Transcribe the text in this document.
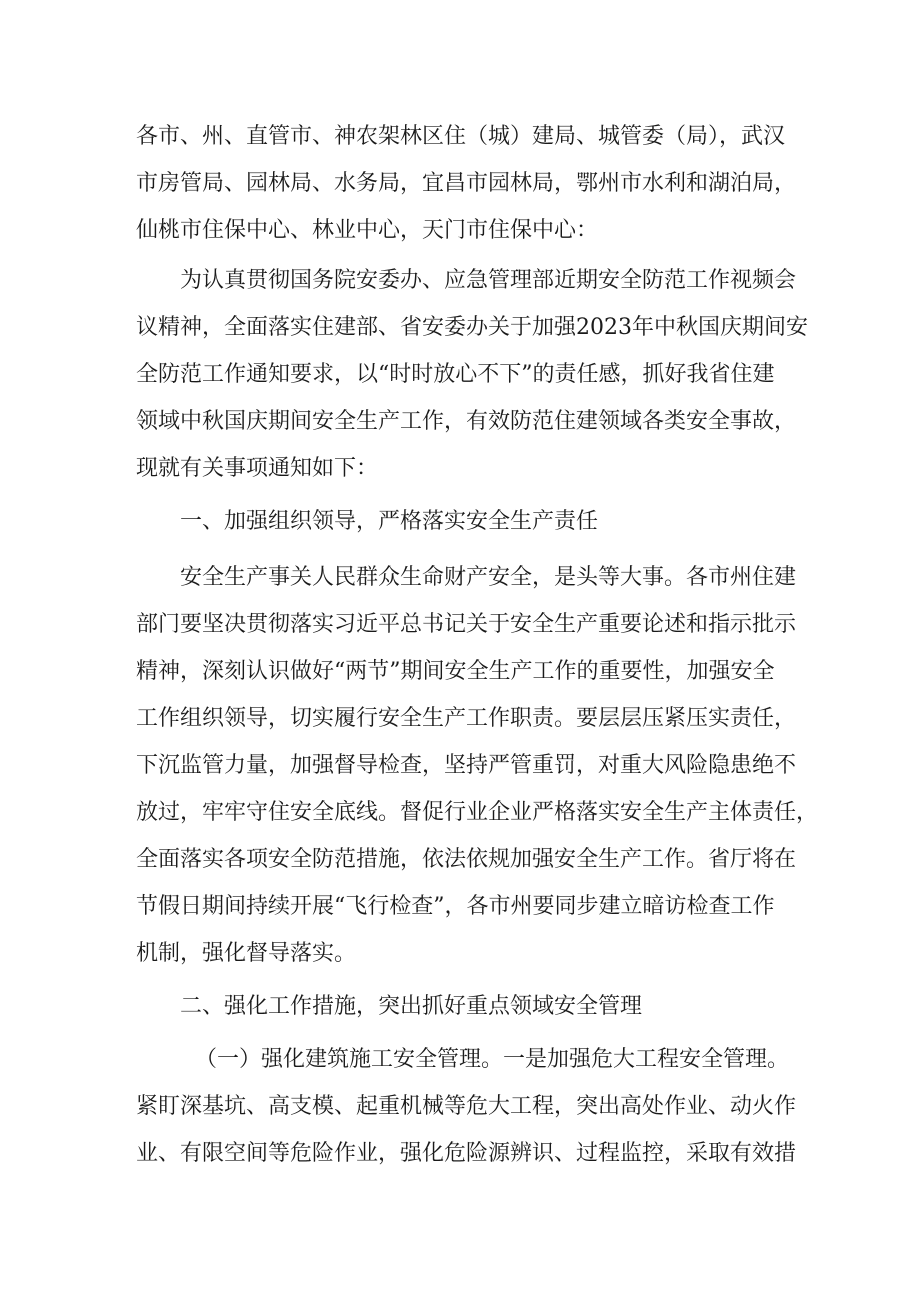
各市、州、直管市、神农架林区住（城）建局、城管委（局），武汉
市房管局、园林局、水务局，宜昌市园林局，鄂州市水利和湖泊局，
仙桃市住保中心、林业中心，天门市住保中心：
为认真贯彻国务院安委办、应急管理部近期安全防范工作视频会
议精神，全面落实住建部、省安委办关于加强2023年中秋国庆期间安
全防范工作通知要求，以“时时放心不下”的责任感，抓好我省住建
领域中秋国庆期间安全生产工作，有效防范住建领域各类安全事故，
现就有关事项通知如下：
一、加强组织领导，严格落实安全生产责任
安全生产事关人民群众生命财产安全，是头等大事。各市州住建
部门要坚决贯彻落实习近平总书记关于安全生产重要论述和指示批示
精神，深刻认识做好“两节”期间安全生产工作的重要性，加强安全
工作组织领导，切实履行安全生产工作职责。要层层压紧压实责任，
下沉监管力量，加强督导检查，坚持严管重罚，对重大风险隐患绝不
放过，牢牢守住安全底线。督促行业企业严格落实安全生产主体责任，
全面落实各项安全防范措施，依法依规加强安全生产工作。省厅将在
节假日期间持续开展“飞行检查”，各市州要同步建立暗访检查工作
机制，强化督导落实。
二、强化工作措施，突出抓好重点领域安全管理
（一）强化建筑施工安全管理。一是加强危大工程安全管理。
紧盯深基坑、高支模、起重机械等危大工程，突出高处作业、动火作
业、有限空间等危险作业，强化危险源辨识、过程监控，采取有效措
